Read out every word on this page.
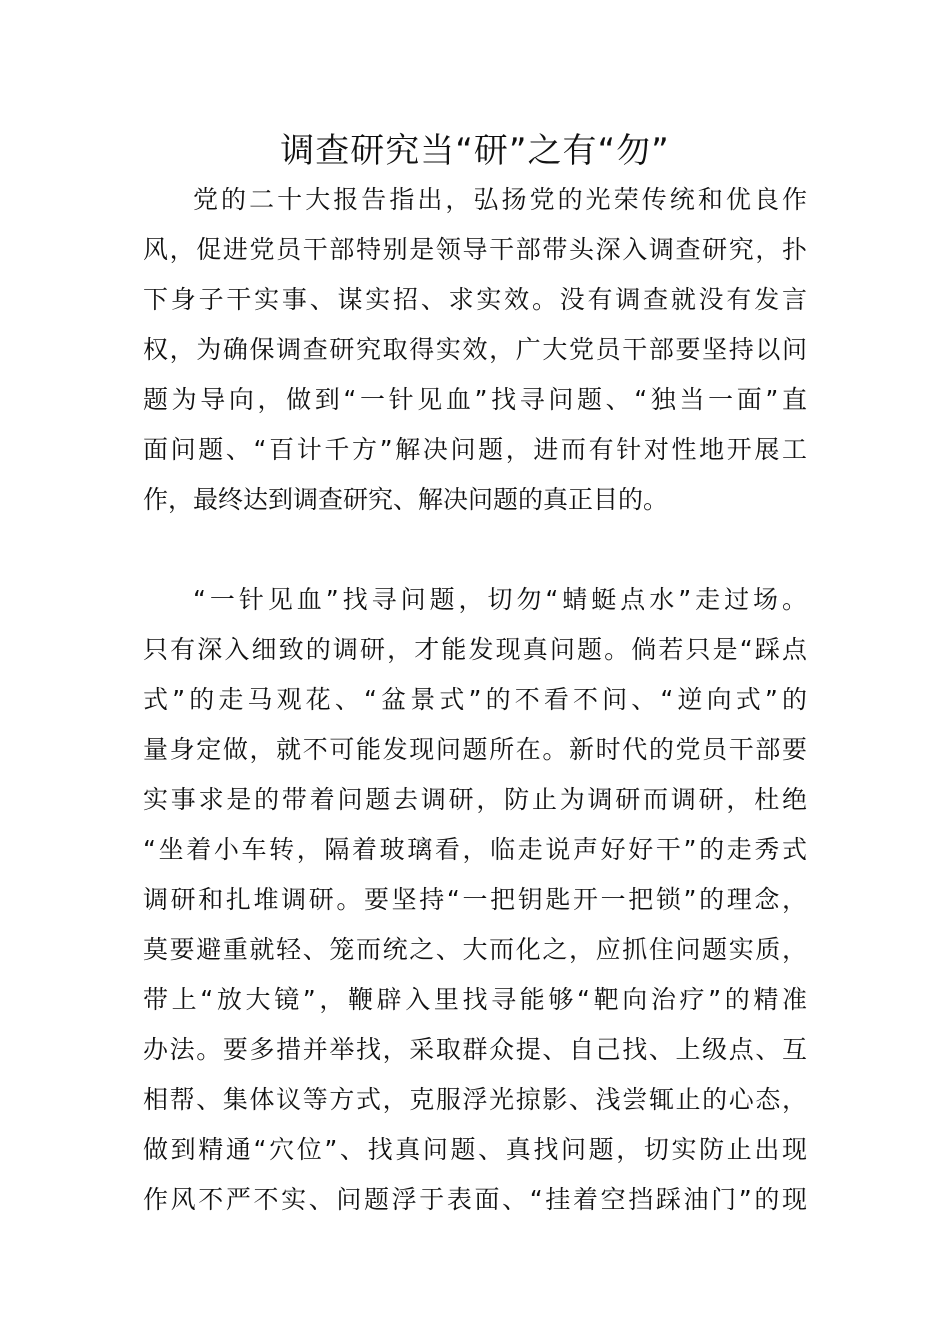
调查研究当“研”之有“勿”
党的二十大报告指出，弘扬党的光荣传统和优良作
风，促进党员干部特别是领导干部带头深入调查研究，扑
下身子干实事、谋实招、求实效。没有调查就没有发言
权，为确保调查研究取得实效，广大党员干部要坚持以问
题为导向，做到“一针见血”找寻问题、“独当一面”直
面问题、“百计千方”解决问题，进而有针对性地开展工
作，最终达到调查研究、解决问题的真正目的。
“一针见血”找寻问题，切勿“蜻蜓点水”走过场。
只有深入细致的调研，才能发现真问题。倘若只是“踩点
式”的走马观花、“盆景式”的不看不问、“逆向式”的
量身定做，就不可能发现问题所在。新时代的党员干部要
实事求是的带着问题去调研，防止为调研而调研，杜绝
“坐着小车转，隔着玻璃看，临走说声好好干”的走秀式
调研和扎堆调研。要坚持“一把钥匙开一把锁”的理念，
莫要避重就轻、笼而统之、大而化之，应抓住问题实质，
带上“放大镜”，鞭辟入里找寻能够“靶向治疗”的精准
办法。要多措并举找，采取群众提、自己找、上级点、互
相帮、集体议等方式，克服浮光掠影、浅尝辄止的心态，
做到精通“穴位”、找真问题、真找问题，切实防止出现
作风不严不实、问题浮于表面、“挂着空挡踩油门”的现
